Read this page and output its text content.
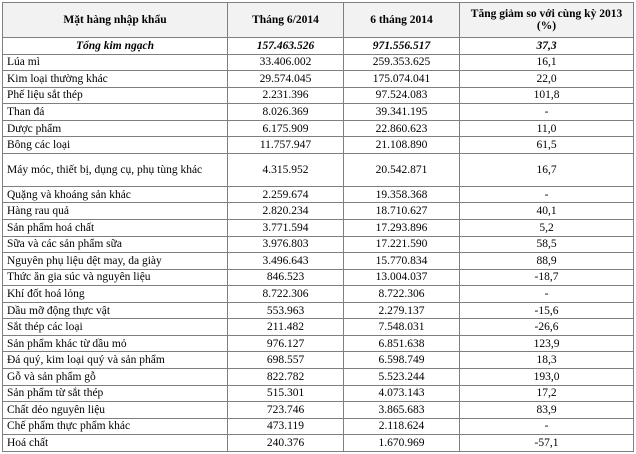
Mặt hàng nhập khẩu	Tháng 6/2014	6 tháng 2014	Tăng giảm so với cùng kỳ 2013 (%)
Tổng kim ngạch	157.463.526	971.556.517	37,3
Lúa mì	33.406.002	259.353.625	16,1
Kim loại thường khác	29.574.045	175.074.041	22,0
Phế liệu sắt thép	2.231.396	97.524.083	101,8
Than đá	8.026.369	39.341.195	-
Dược phẩm	6.175.909	22.860.623	11,0
Bông các loại	11.757.947	21.108.890	61,5
Máy móc, thiết bị, dụng cụ, phụ tùng khác	4.315.952	20.542.871	16,7
Quặng và khoáng sản khác	2.259.674	19.358.368	-
Hàng rau quả	2.820.234	18.710.627	40,1
Sản phẩm hoá chất	3.771.594	17.293.896	5,2
Sữa và các sản phẩm sữa	3.976.803	17.221.590	58,5
Nguyên phụ liệu dệt may, da giày	3.496.643	15.770.834	88,9
Thức ăn gia súc và nguyên liệu	846.523	13.004.037	-18,7
Khí đốt hoá lỏng	8.722.306	8.722.306	-
Dầu mỡ động thực vật	553.963	2.279.137	-15,6
Sắt thép các loại	211.482	7.548.031	-26,6
Sản phẩm khác từ dầu mỏ	976.127	6.851.638	123,9
Đá quý, kim loại quý và sản phẩm	698.557	6.598.749	18,3
Gỗ và sản phẩm gỗ	822.782	5.523.244	193,0
Sản phẩm từ sắt thép	515.301	4.073.143	17,2
Chất dẻo nguyên liệu	723.746	3.865.683	83,9
Chế phẩm thực phẩm khác	473.119	2.118.624	-
Hoá chất	240.376	1.670.969	-57,1
